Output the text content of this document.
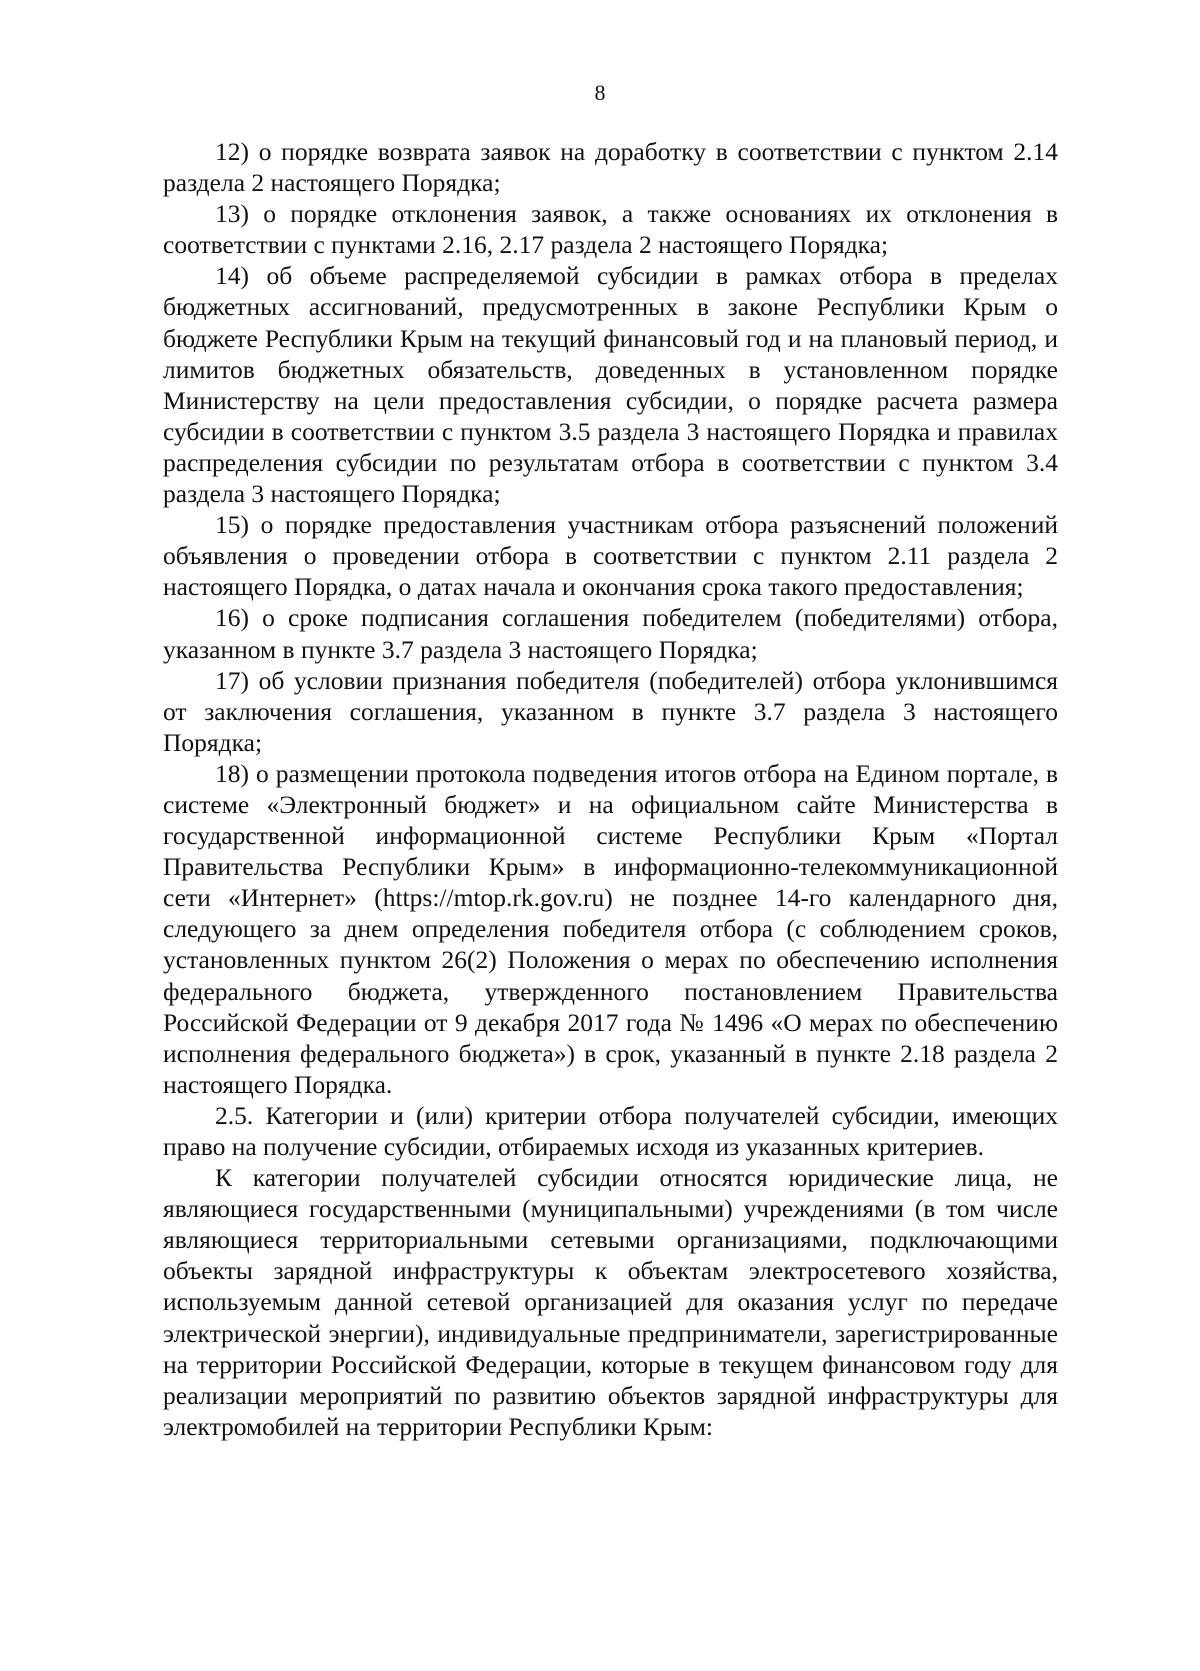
8

12) о порядке возврата заявок на доработку в соответствии с пунктом 2.14 раздела 2 настоящего Порядка;

13) о порядке отклонения заявок, а также основаниях их отклонения в соответствии с пунктами 2.16, 2.17 раздела 2 настоящего Порядка;

14) об объеме распределяемой субсидии в рамках отбора в пределах бюджетных ассигнований, предусмотренных в законе Республики Крым о бюджете Республики Крым на текущий финансовый год и на плановый период, и лимитов бюджетных обязательств, доведенных в установленном порядке Министерству на цели предоставления субсидии, о порядке расчета размера субсидии в соответствии с пунктом 3.5 раздела 3 настоящего Порядка и правилах распределения субсидии по результатам отбора в соответствии с пунктом 3.4 раздела 3 настоящего Порядка;

15) о порядке предоставления участникам отбора разъяснений положений объявления о проведении отбора в соответствии с пунктом 2.11 раздела 2 настоящего Порядка, о датах начала и окончания срока такого предоставления;

16) о сроке подписания соглашения победителем (победителями) отбора, указанном в пункте 3.7 раздела 3 настоящего Порядка;

17) об условии признания победителя (победителей) отбора уклонившимся от заключения соглашения, указанном в пункте 3.7 раздела 3 настоящего Порядка;

18) о размещении протокола подведения итогов отбора на Едином портале, в системе «Электронный бюджет» и на официальном сайте Министерства в государственной информационной системе Республики Крым «Портал Правительства Республики Крым» в информационно-телекоммуникационной сети «Интернет» (https://mtop.rk.gov.ru) не позднее 14-го календарного дня, следующего за днем определения победителя отбора (с соблюдением сроков, установленных пунктом 26(2) Положения о мерах по обеспечению исполнения федерального бюджета, утвержденного постановлением Правительства Российской Федерации от 9 декабря 2017 года № 1496 «О мерах по обеспечению исполнения федерального бюджета») в срок, указанный в пункте 2.18 раздела 2 настоящего Порядка.

2.5. Категории и (или) критерии отбора получателей субсидии, имеющих право на получение субсидии, отбираемых исходя из указанных критериев.

К категории получателей субсидии относятся юридические лица, не являющиеся государственными (муниципальными) учреждениями (в том числе являющиеся территориальными сетевыми организациями, подключающими объекты зарядной инфраструктуры к объектам электросетевого хозяйства, используемым данной сетевой организацией для оказания услуг по передаче электрической энергии), индивидуальные предприниматели, зарегистрированные на территории Российской Федерации, которые в текущем финансовом году для реализации мероприятий по развитию объектов зарядной инфраструктуры для электромобилей на территории Республики Крым:
